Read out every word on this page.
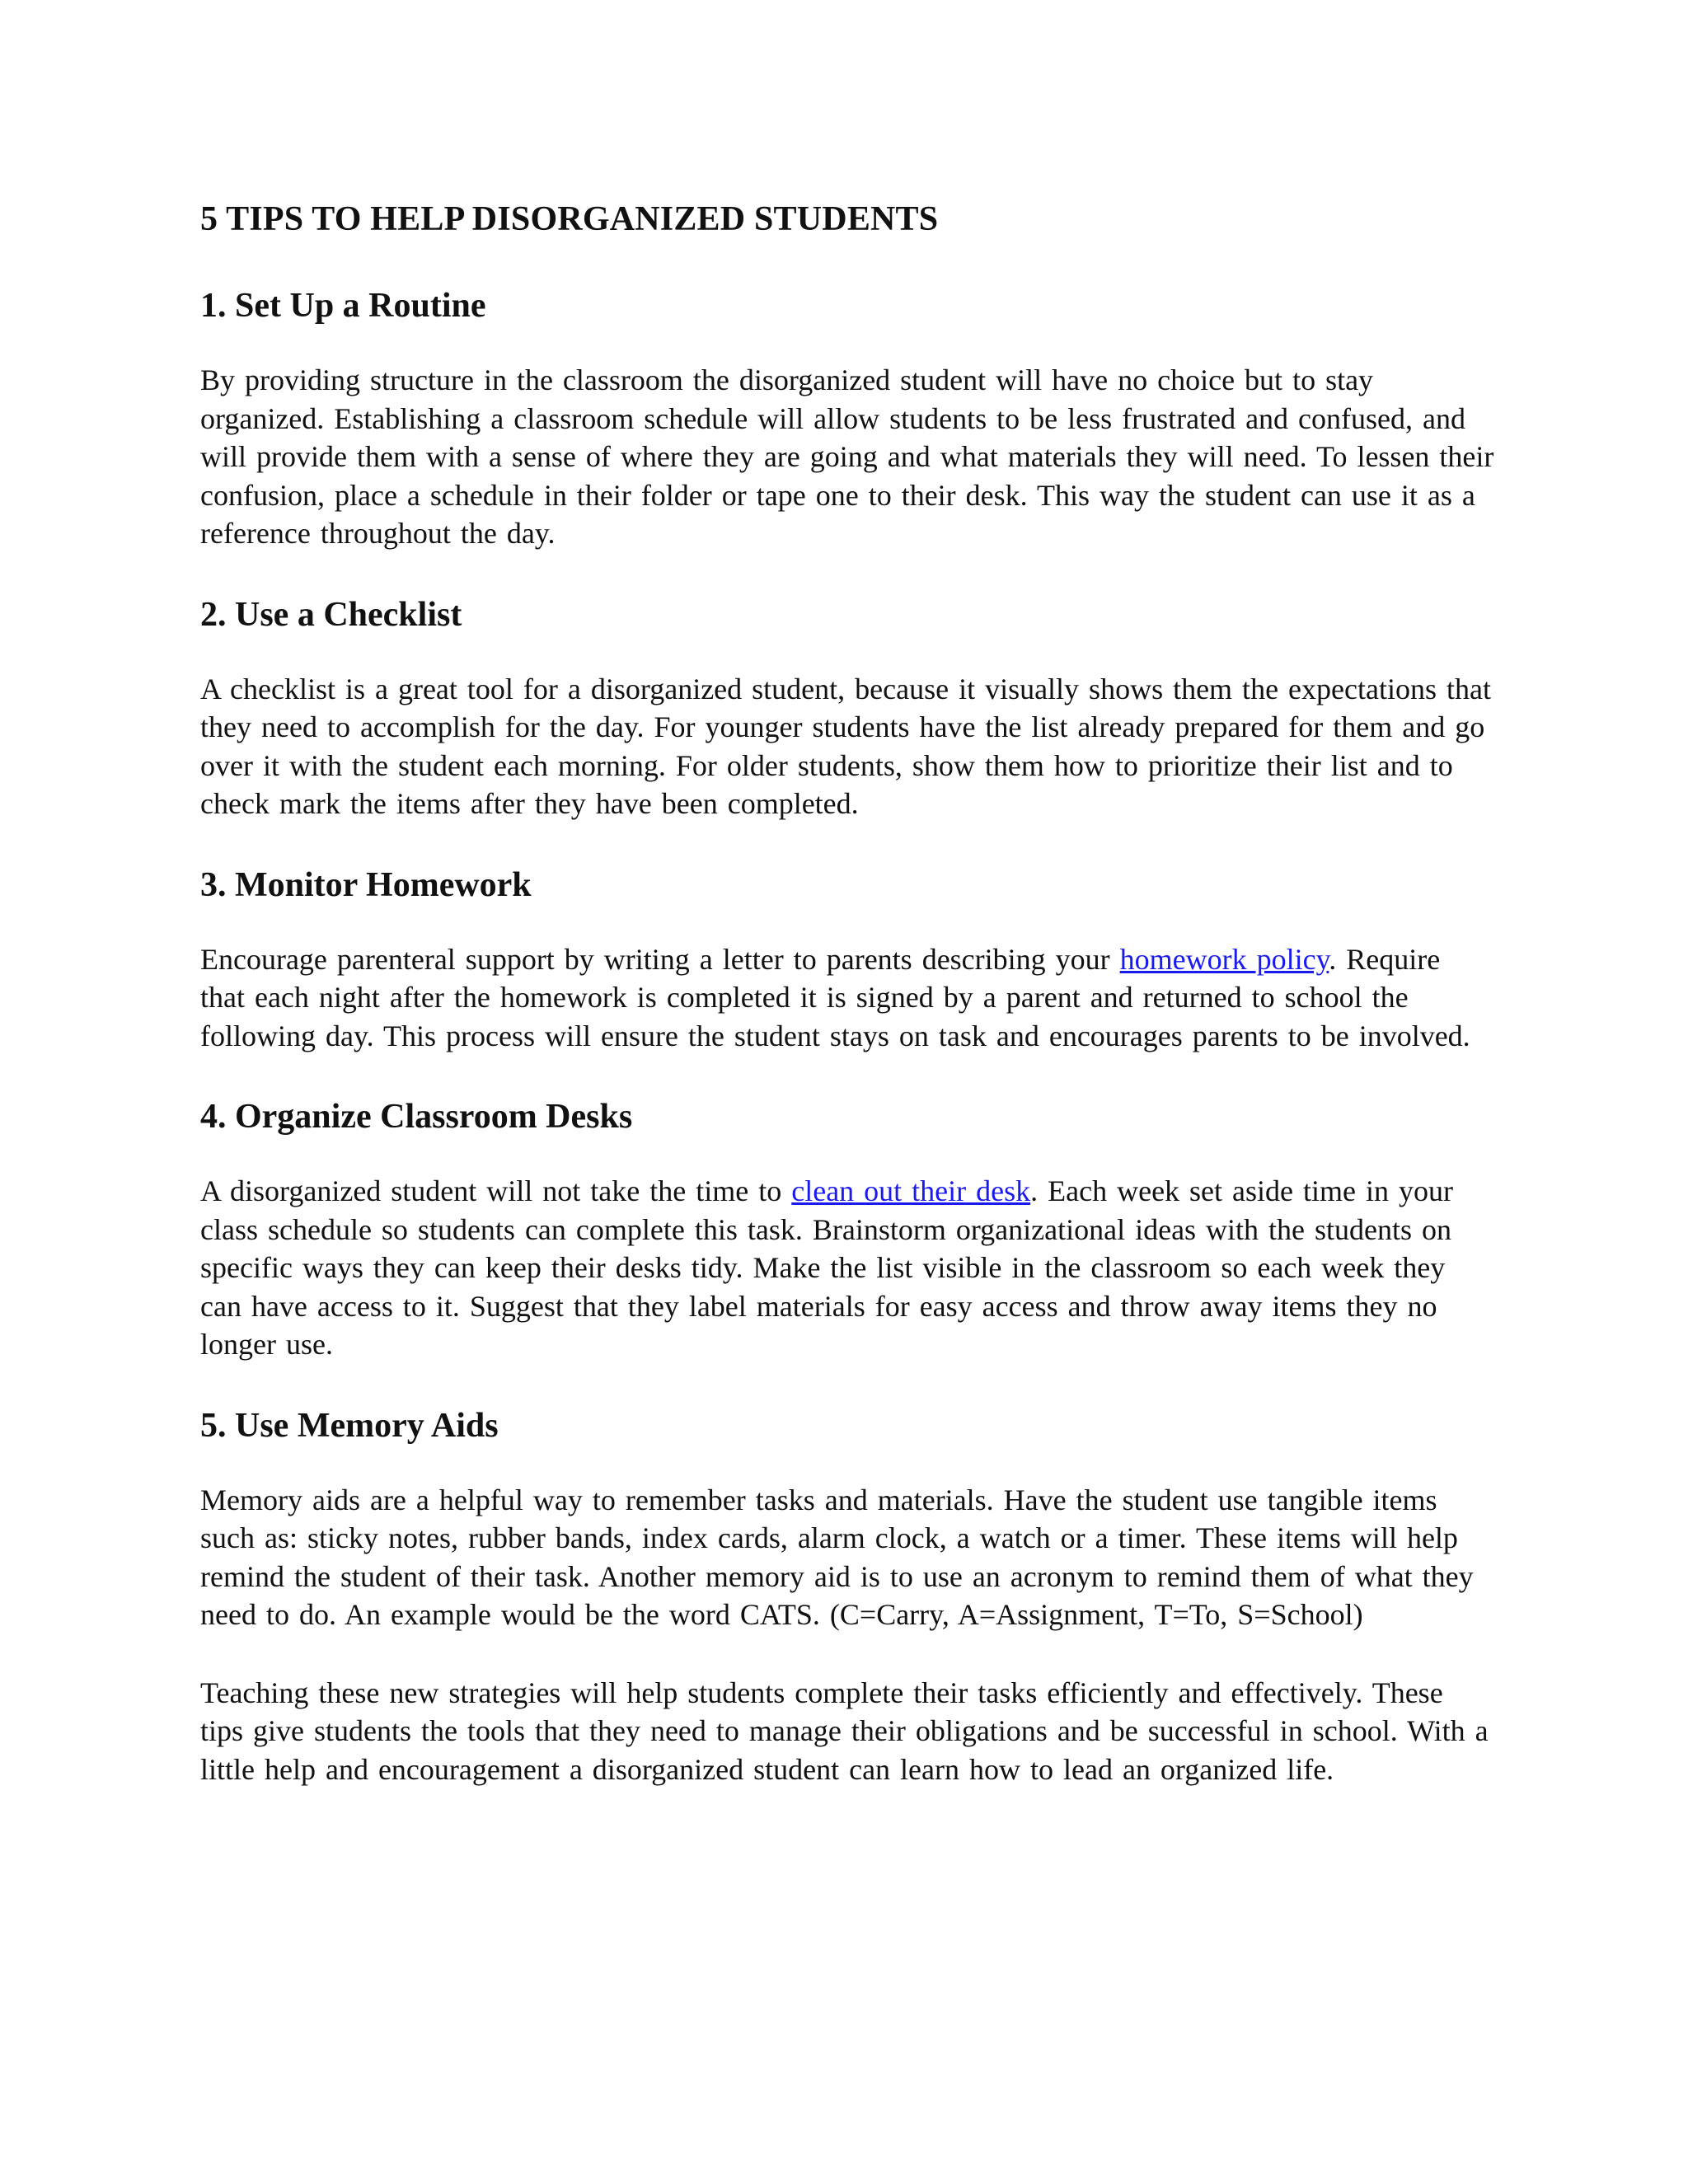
5 TIPS TO HELP DISORGANIZED STUDENTS
1. Set Up a Routine

By providing structure in the classroom the disorganized student will have no choice but to stay organized. Establishing a classroom schedule will allow students to be less frustrated and confused, and will provide them with a sense of where they are going and what materials they will need. To lessen their confusion, place a schedule in their folder or tape one to their desk. This way the student can use it as a reference throughout the day.

2. Use a Checklist

A checklist is a great tool for a disorganized student, because it visually shows them the expectations that they need to accomplish for the day. For younger students have the list already prepared for them and go over it with the student each morning. For older students, show them how to prioritize their list and to check mark the items after they have been completed.

3. Monitor Homework

Encourage parenteral support by writing a letter to parents describing your homework policy. Require that each night after the homework is completed it is signed by a parent and returned to school the following day. This process will ensure the student stays on task and encourages parents to be involved.

4. Organize Classroom Desks

A disorganized student will not take the time to clean out their desk. Each week set aside time in your class schedule so students can complete this task. Brainstorm organizational ideas with the students on specific ways they can keep their desks tidy. Make the list visible in the classroom so each week they can have access to it. Suggest that they label materials for easy access and throw away items they no longer use.

5. Use Memory Aids

Memory aids are a helpful way to remember tasks and materials. Have the student use tangible items such as: sticky notes, rubber bands, index cards, alarm clock, a watch or a timer. These items will help remind the student of their task. Another memory aid is to use an acronym to remind them of what they need to do. An example would be the word CATS. (C=Carry, A=Assignment, T=To, S=School)

Teaching these new strategies will help students complete their tasks efficiently and effectively. These tips give students the tools that they need to manage their obligations and be successful in school. With a little help and encouragement a disorganized student can learn how to lead an organized life.
